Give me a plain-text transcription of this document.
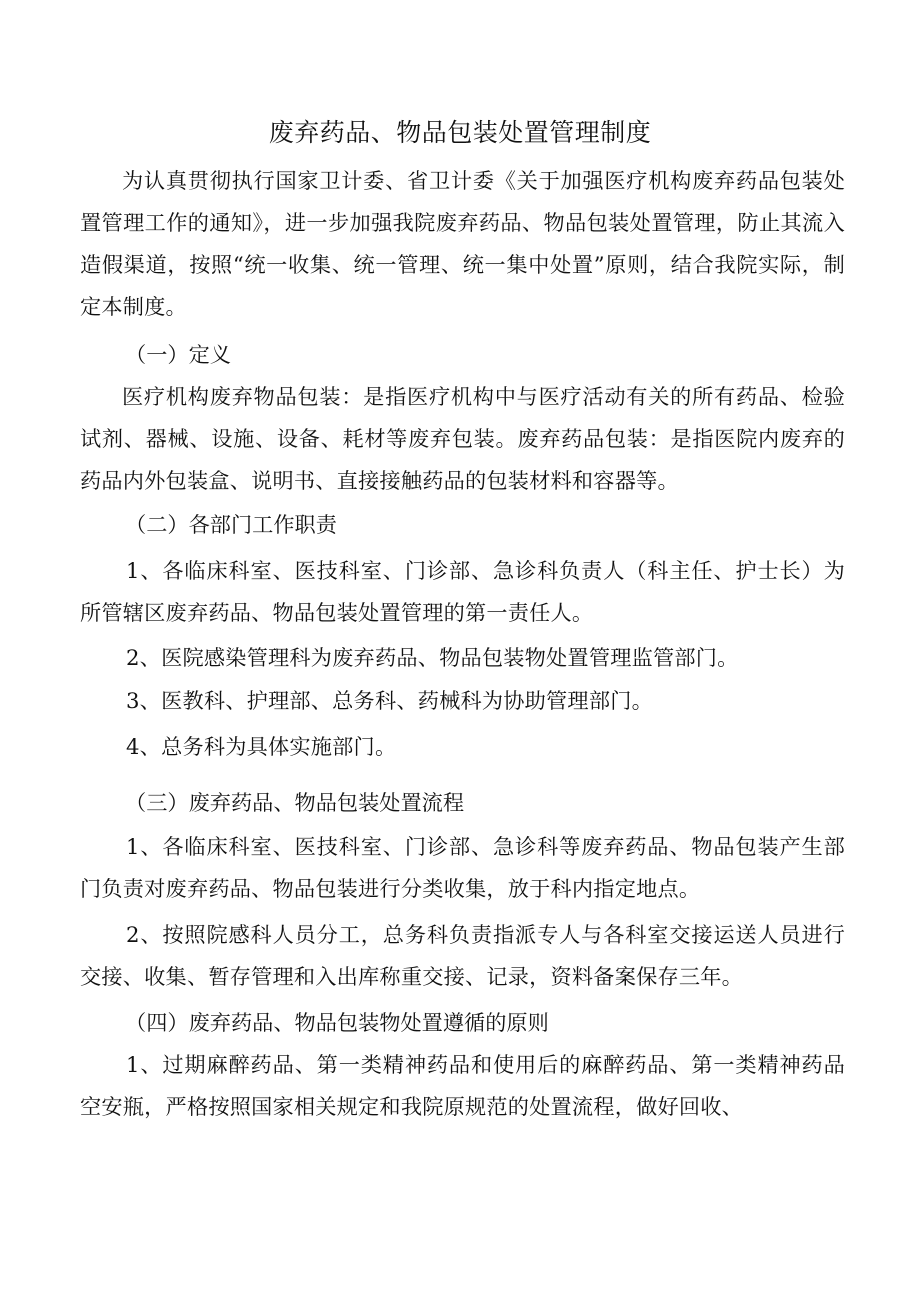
废弃药品、物品包装处置管理制度

为认真贯彻执行国家卫计委、省卫计委《关于加强医疗机构废弃药品包装处置管理工作的通知》，进一步加强我院废弃药品、物品包装处置管理，防止其流入造假渠道，按照“统一收集、统一管理、统一集中处置”原则，结合我院实际，制定本制度。

（一）定义

医疗机构废弃物品包装：是指医疗机构中与医疗活动有关的所有药品、检验试剂、器械、设施、设备、耗材等废弃包装。废弃药品包装：是指医院内废弃的药品内外包装盒、说明书、直接接触药品的包装材料和容器等。

（二）各部门工作职责

1、各临床科室、医技科室、门诊部、急诊科负责人（科主任、护士长）为所管辖区废弃药品、物品包装处置管理的第一责任人。

2、医院感染管理科为废弃药品、物品包装物处置管理监管部门。

3、医教科、护理部、总务科、药械科为协助管理部门。

4、总务科为具体实施部门。

（三）废弃药品、物品包装处置流程

1、各临床科室、医技科室、门诊部、急诊科等废弃药品、物品包装产生部门负责对废弃药品、物品包装进行分类收集，放于科内指定地点。

2、按照院感科人员分工，总务科负责指派专人与各科室交接运送人员进行交接、收集、暂存管理和入出库称重交接、记录，资料备案保存三年。

（四）废弃药品、物品包装物处置遵循的原则

1、过期麻醉药品、第一类精神药品和使用后的麻醉药品、第一类精神药品空安瓶，严格按照国家相关规定和我院原规范的处置流程，做好回收、
